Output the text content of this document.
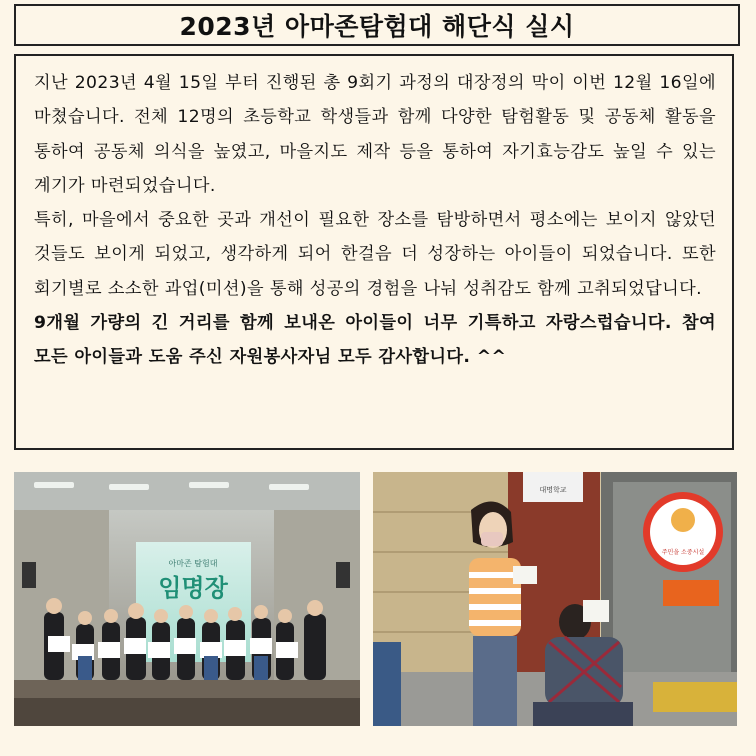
2023년 아마존탐험대 해단식 실시

지난 2023년 4월 15일 부터 진행된 총 9회기 과정의 대장정의 막이 이번 12월 16일에 마쳤습니다. 전체 12명의 초등학교 학생들과 함께 다양한 탐험활동 및 공동체 활동을 통하여 공동체 의식을 높였고, 마을지도 제작 등을 통하여 자기효능감도 높일 수 있는 계기가 마련되었습니다.

특히, 마을에서 중요한 곳과 개선이 필요한 장소를 탐방하면서 평소에는 보이지 않았던 것들도 보이게 되었고, 생각하게 되어 한걸음 더 성장하는 아이들이 되었습니다. 또한 회기별로 소소한 과업(미션)을 통해 성공의 경험을 나눠 성취감도 함께 고취되었답니다.

9개월 가량의 긴 거리를 함께 보내온 아이들이 너무 기특하고 자랑스럽습니다. 참여 모든 아이들과 도움 주신 자원봉사자님 모두 감사합니다. ^^

아마존 탐험대
임명장
대명학교
주민을 소중시설
